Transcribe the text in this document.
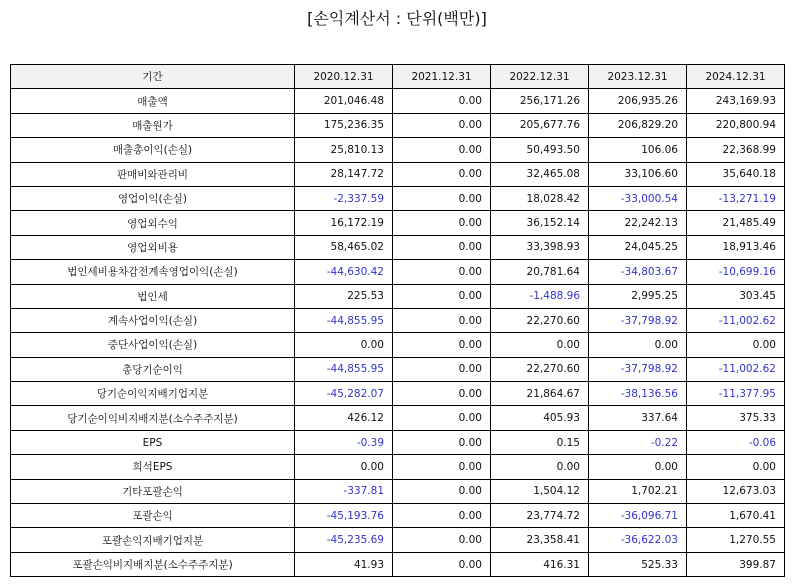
[손익계산서 : 단위(백만)]
기간	2020.12.31	2021.12.31	2022.12.31	2023.12.31	2024.12.31
매출액	201,046.48	0.00	256,171.26	206,935.26	243,169.93
매출원가	175,236.35	0.00	205,677.76	206,829.20	220,800.94
매출총이익(손실)	25,810.13	0.00	50,493.50	106.06	22,368.99
판매비와관리비	28,147.72	0.00	32,465.08	33,106.60	35,640.18
영업이익(손실)	-2,337.59	0.00	18,028.42	-33,000.54	-13,271.19
영업외수익	16,172.19	0.00	36,152.14	22,242.13	21,485.49
영업외비용	58,465.02	0.00	33,398.93	24,045.25	18,913.46
법인세비용차감전계속영업이익(손실)	-44,630.42	0.00	20,781.64	-34,803.67	-10,699.16
법인세	225.53	0.00	-1,488.96	2,995.25	303.45
계속사업이익(손실)	-44,855.95	0.00	22,270.60	-37,798.92	-11,002.62
중단사업이익(손실)	0.00	0.00	0.00	0.00	0.00
총당기순이익	-44,855.95	0.00	22,270.60	-37,798.92	-11,002.62
당기순이익지배기업지분	-45,282.07	0.00	21,864.67	-38,136.56	-11,377.95
당기순이익비지배지분(소수주주지분)	426.12	0.00	405.93	337.64	375.33
EPS	-0.39	0.00	0.15	-0.22	-0.06
희석EPS	0.00	0.00	0.00	0.00	0.00
기타포괄손익	-337.81	0.00	1,504.12	1,702.21	12,673.03
포괄손익	-45,193.76	0.00	23,774.72	-36,096.71	1,670.41
포괄손익지배기업지분	-45,235.69	0.00	23,358.41	-36,622.03	1,270.55
포괄손익비지배지분(소수주주지분)	41.93	0.00	416.31	525.33	399.87
